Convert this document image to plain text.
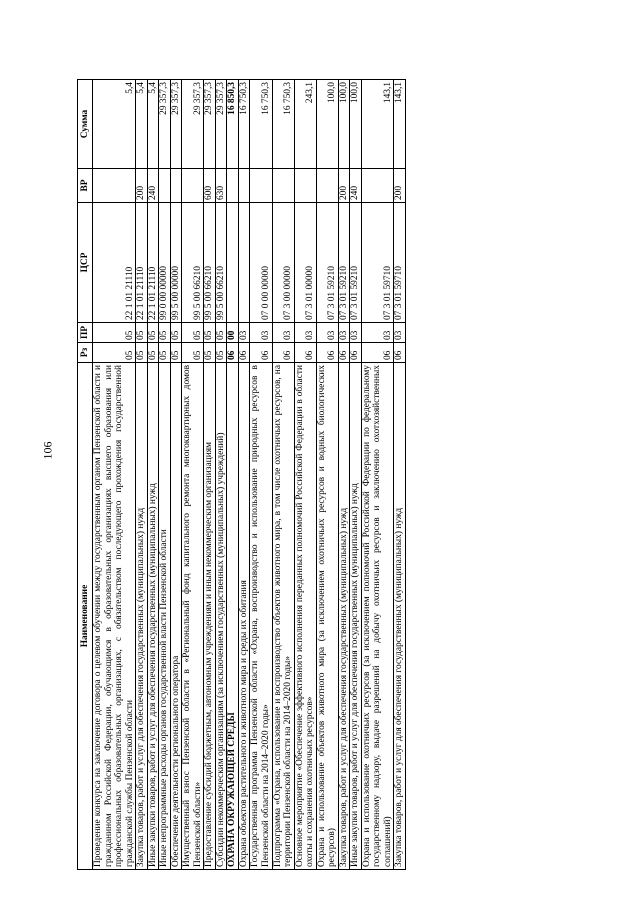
106
Наименование	Рз	ПР	ЦСР	ВР	Сумма
Проведение конкурса на заключение договора о целевом обучении между государственным органом Пензенской области и гражданином Российской Федерации, обучающимся в образовательных организациях высшего образования или профессиональных образовательных организациях, с обязательством последующего прохождения государственной гражданской службы Пензенской области	05	05	22 1 01 21110		5,4
Закупка товаров, работ и услуг для обеспечения государственных (муниципальных) нужд	05	05	22 1 01 21110	200	5,4
Иные закупки товаров, работ и услуг для обеспечения государственных (муниципальных) нужд	05	05	22 1 01 21110	240	5,4
Иные непрограммные расходы органов государственной власти Пензенской области	05	05	99 0 00 00000		29 357,3
Обеспечение деятельности регионального оператора	05	05	99 5 00 00000		29 357,3
Имущественный взнос Пензенской области в «Региональный фонд капитального ремонта многоквартирных домов Пензенской области»	05	05	99 5 00 66210		29 357,3
Предоставление субсидий бюджетным, автономным учреждениям и иным некоммерческим организациям	05	05	99 5 00 66210	600	29 357,3
Субсидии некоммерческим организациям (за исключением государственных (муниципальных) учреждений)	05	05	99 5 00 66210	630	29 357,3
ОХРАНА ОКРУЖАЮЩЕЙ СРЕДЫ	06	00			16 850,3
Охрана объектов растительного и животного мира и среды их обитания	06	03			16 750,3
Государственная программа Пензенской области «Охрана, воспроизводство и использование природных ресурсов в Пензенской области на 2014–2020 годы»	06	03	07 0 00 00000		16 750,3
Подпрограмма «Охрана, использование и воспроизводство объектов животного мира, в том числе охотничьих ресурсов, на территории Пензенской области на 2014–2020 годы»	06	03	07 3 00 00000		16 750,3
Основное мероприятие «Обеспечение эффективного исполнения переданных полномочий Российской Федерации в области охоты и сохранения охотничьих ресурсов»	06	03	07 3 01 00000		243,1
Охрана и использование объектов животного мира (за исключением охотничьих ресурсов и водных биологических ресурсов)	06	03	07 3 01 59210		100,0
Закупка товаров, работ и услуг для обеспечения государственных (муниципальных) нужд	06	03	07 3 01 59210	200	100,0
Иные закупки товаров, работ и услуг для обеспечения государственных (муниципальных) нужд	06	03	07 3 01 59210	240	100,0
Охрана и использование охотничьих ресурсов (за исключением полномочий Российской Федерации по федеральному государственному надзору, выдаче разрешений на добычу охотничьих ресурсов и заключению охотхозяйственных соглашений)	06	03	07 3 01 59710		143,1
Закупка товаров, работ и услуг для обеспечения государственных (муниципальных) нужд	06	03	07 3 01 59710	200	143,1
